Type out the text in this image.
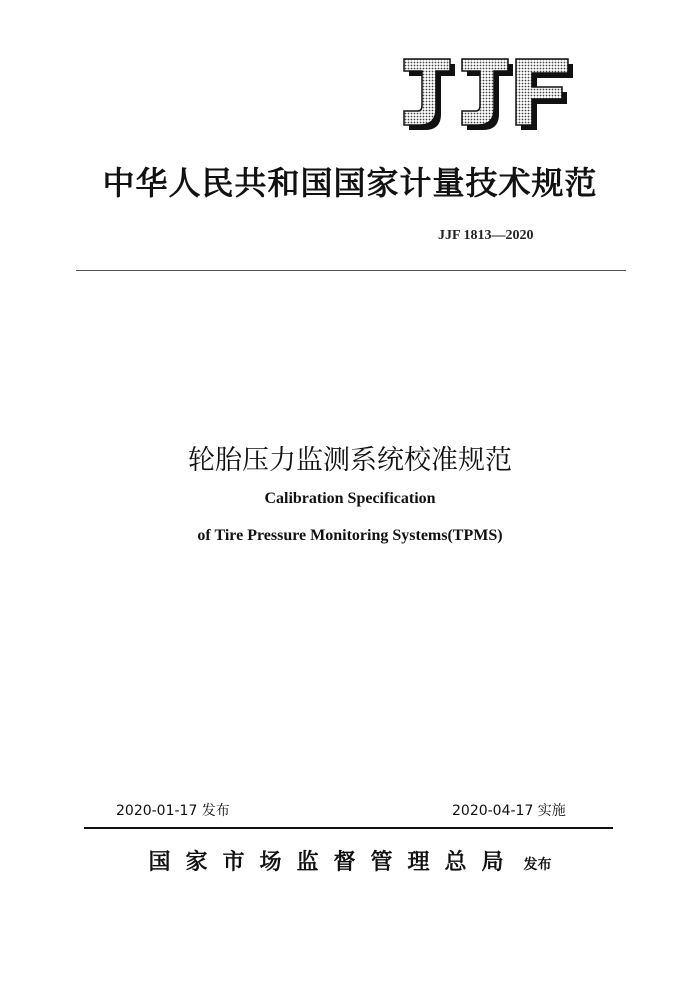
中华人民共和国国家计量技术规范
JJF 1813—2020
轮胎压力监测系统校准规范
Calibration Specification
of Tire Pressure Monitoring Systems(TPMS)
2020-01-17 发布	2020-04-17 实施
国家市场监督管理总局 发布
